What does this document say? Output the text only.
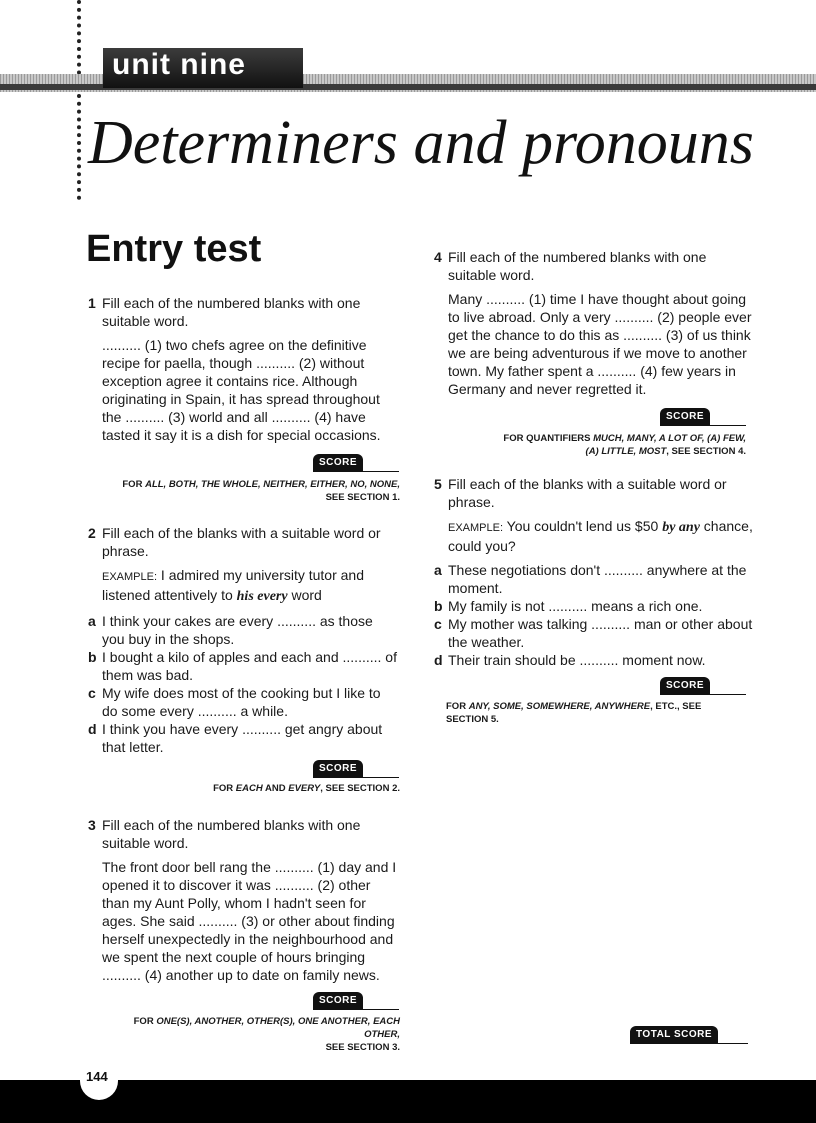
unit nine
Determiners and pronouns
Entry test
1 Fill each of the numbered blanks with one suitable word.

.......... (1) two chefs agree on the definitive recipe for paella, though .......... (2) without exception agree it contains rice. Although originating in Spain, it has spread throughout the .......... (3) world and all .......... (4) have tasted it say it is a dish for special occasions.

SCORE
FOR ALL, BOTH, THE WHOLE, NEITHER, EITHER, NO, NONE,
SEE SECTION 1.
2 Fill each of the blanks with a suitable word or phrase.

EXAMPLE: I admired my university tutor and listened attentively to his every word

a I think your cakes are every .......... as those you buy in the shops.
b I bought a kilo of apples and each and .......... of them was bad.
c My wife does most of the cooking but I like to do some every .......... a while.
d I think you have every .......... get angry about that letter.
SCORE
FOR EACH AND EVERY, SEE SECTION 2.
3 Fill each of the numbered blanks with one suitable word.

The front door bell rang the .......... (1) day and I opened it to discover it was .......... (2) other than my Aunt Polly, whom I hadn't seen for ages. She said .......... (3) or other about finding herself unexpectedly in the neighbourhood and we spent the next couple of hours bringing .......... (4) another up to date on family news.

SCORE
FOR ONE(S), ANOTHER, OTHER(S), ONE ANOTHER, EACH OTHER,
SEE SECTION 3.
4 Fill each of the numbered blanks with one suitable word.

Many .......... (1) time I have thought about going to live abroad. Only a very .......... (2) people ever get the chance to do this as .......... (3) of us think we are being adventurous if we move to another town. My father spent a .......... (4) few years in Germany and never regretted it.

SCORE
FOR QUANTIFIERS MUCH, MANY, A LOT OF, (A) FEW,
(A) LITTLE, MOST, SEE SECTION 4.
5 Fill each of the blanks with a suitable word or phrase.

EXAMPLE: You couldn't lend us $50 by any chance, could you?

a These negotiations don't .......... anywhere at the moment.
b My family is not .......... means a rich one.
c My mother was talking .......... man or other about the weather.
d Their train should be .......... moment now.
SCORE
FOR ANY, SOME, SOMEWHERE, ANYWHERE, ETC., SEE SECTION 5.
TOTAL SCORE
144
